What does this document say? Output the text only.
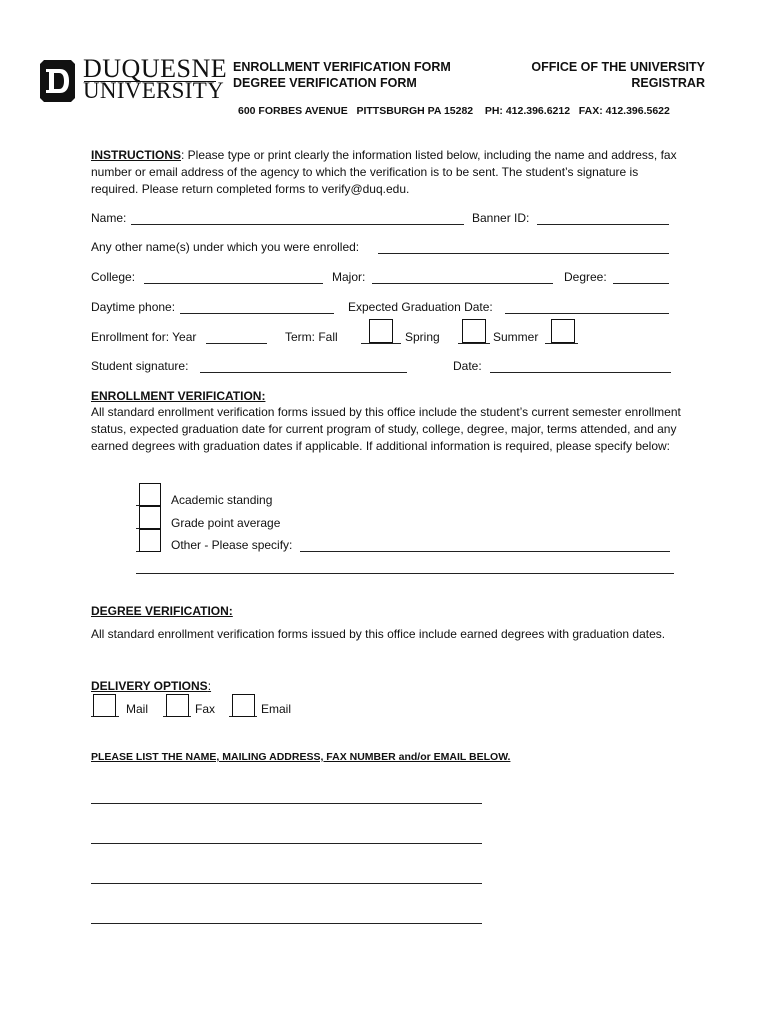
DUQUESNE
UNIVERSITY
ENROLLMENT VERIFICATION FORM
DEGREE VERIFICATION FORM
OFFICE OF THE UNIVERSITY
REGISTRAR
600 FORBES AVENUE   PITTSBURGH PA 15282    PH: 412.396.6212   FAX: 412.396.5622
INSTRUCTIONS: Please type or print clearly the information listed below, including the name and address, fax number or email address of the agency to which the verification is to be sent. The student’s signature is required. Please return completed forms to verify@duq.edu.
Name:	Banner ID:
Any other name(s) under which you were enrolled:
College:	Major:	Degree:
Daytime phone:	Expected Graduation Date:
Enrollment for: Year	Term: Fall	Spring	Summer
Student signature:	Date:
ENROLLMENT VERIFICATION:
All standard enrollment verification forms issued by this office include the student’s current semester enrollment status, expected graduation date for current program of study, college, degree, major, terms attended, and any earned degrees with graduation dates if applicable. If additional information is required, please specify below:
Academic standing
Grade point average
Other - Please specify:
DEGREE VERIFICATION:
All standard enrollment verification forms issued by this office include earned degrees with graduation dates.
DELIVERY OPTIONS:
Mail	Fax	Email
PLEASE LIST THE NAME, MAILING ADDRESS, FAX NUMBER and/or EMAIL BELOW.
